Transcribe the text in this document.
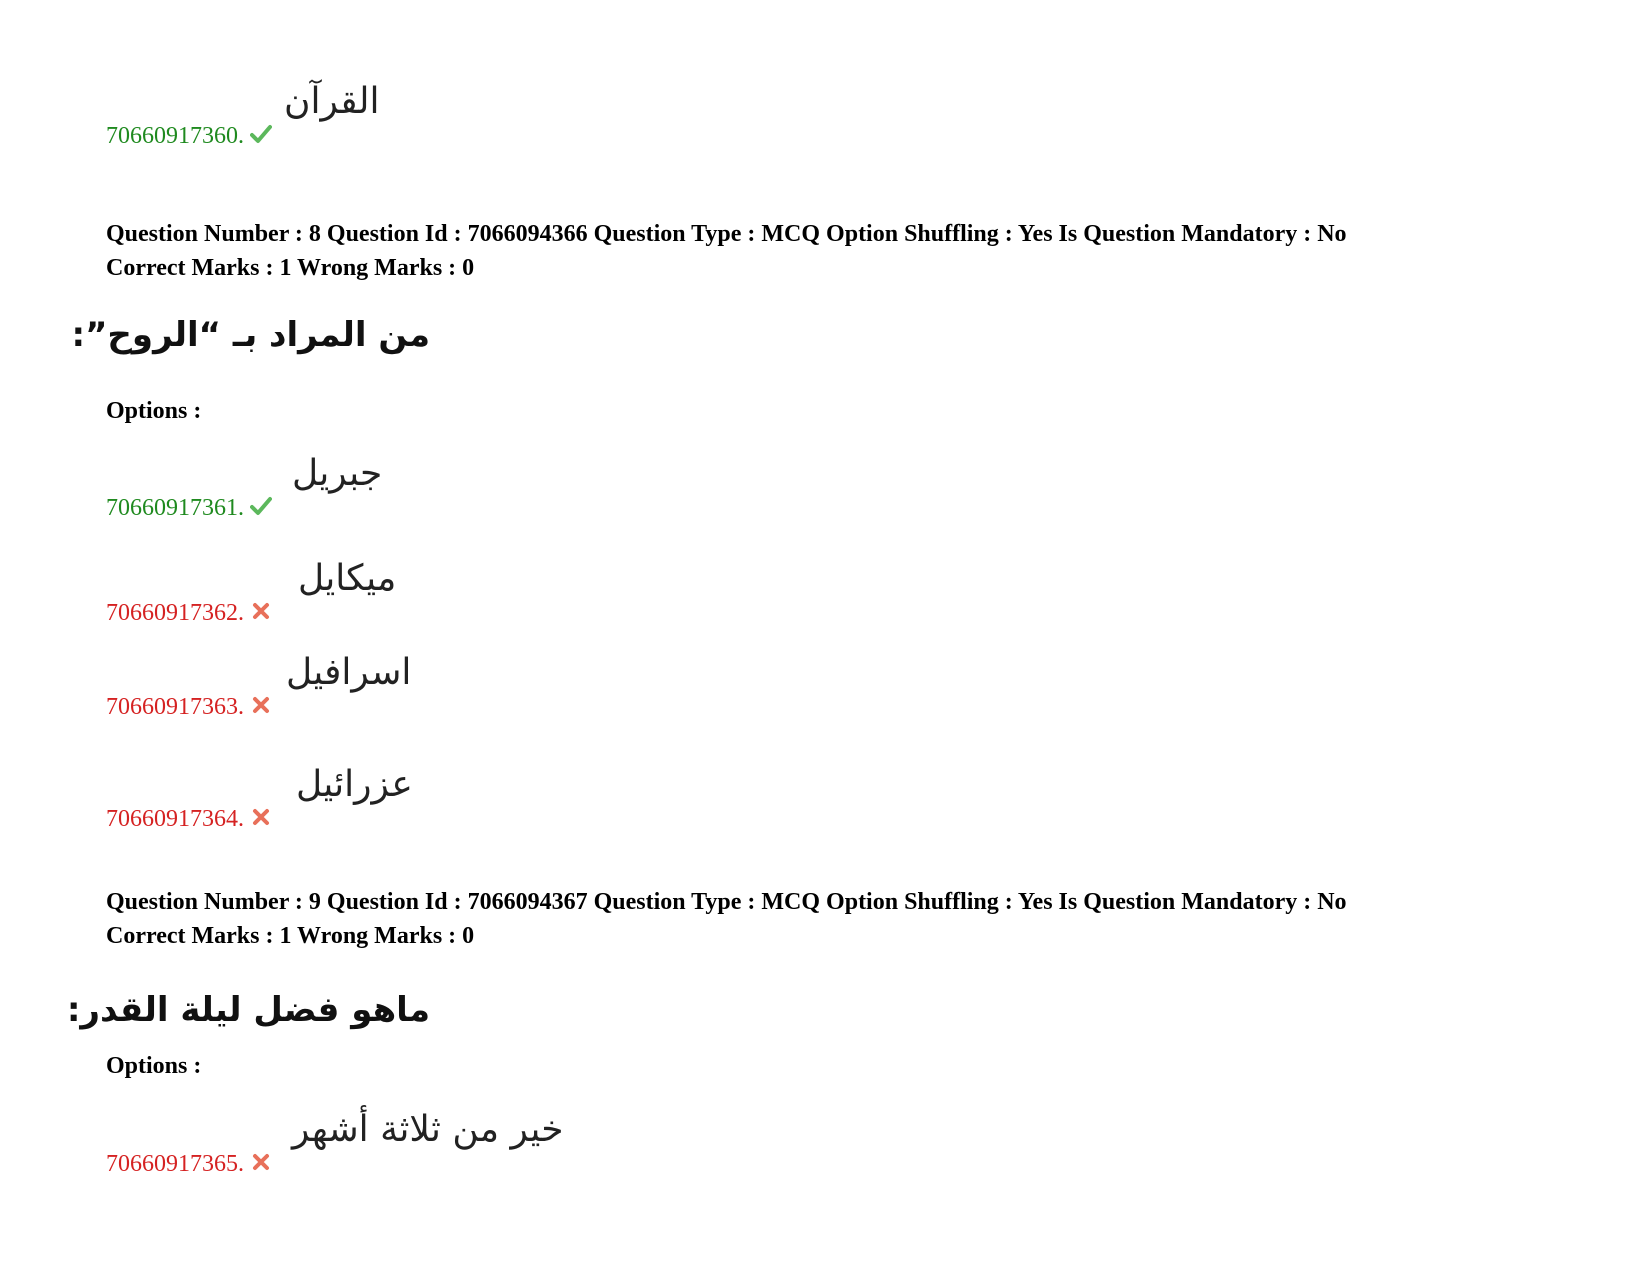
70660917360.
القرآن
Question Number : 8 Question Id : 7066094366 Question Type : MCQ Option Shuffling : Yes Is Question Mandatory : No
Correct Marks : 1 Wrong Marks : 0
من المراد بـ “الروح”:
Options :
70660917361.
جبريل
70660917362.
ميكايل
70660917363.
اسرافيل
70660917364.
عزرائيل
Question Number : 9 Question Id : 7066094367 Question Type : MCQ Option Shuffling : Yes Is Question Mandatory : No
Correct Marks : 1 Wrong Marks : 0
ماهو فضل ليلة القدر:
Options :
70660917365.
خير من ثلاثة أشهر
